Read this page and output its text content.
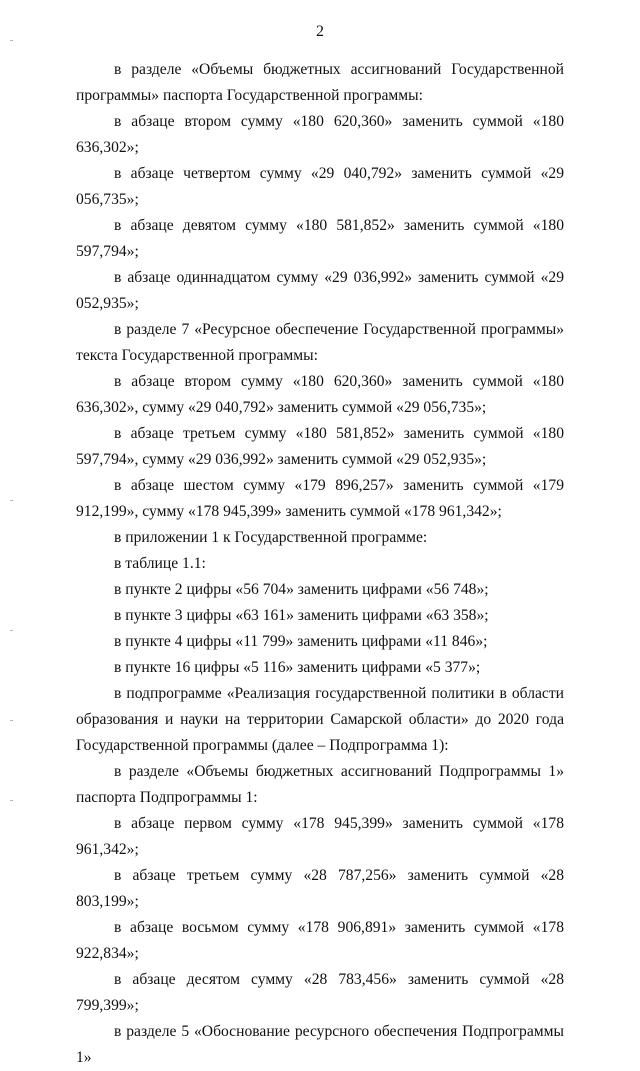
2

в разделе «Объемы бюджетных ассигнований Государственной программы» паспорта Государственной программы:

в абзаце втором сумму «180 620,360» заменить суммой «180 636,302»;

в абзаце четвертом сумму «29 040,792» заменить суммой «29 056,735»;

в абзаце девятом сумму «180 581,852» заменить суммой «180 597,794»;

в абзаце одиннадцатом сумму «29 036,992» заменить суммой «29 052,935»;

в разделе 7 «Ресурсное обеспечение Государственной программы» текста Государственной программы:

в абзаце втором сумму «180 620,360» заменить суммой «180 636,302», сумму «29 040,792» заменить суммой «29 056,735»;

в абзаце третьем сумму «180 581,852» заменить суммой «180 597,794», сумму «29 036,992» заменить суммой «29 052,935»;

в абзаце шестом сумму «179 896,257» заменить суммой «179 912,199», сумму «178 945,399» заменить суммой «178 961,342»;

в приложении 1 к Государственной программе:

в таблице 1.1:

в пункте 2 цифры «56 704» заменить цифрами «56 748»;

в пункте 3 цифры «63 161» заменить цифрами «63 358»;

в пункте 4 цифры «11 799» заменить цифрами «11 846»;

в пункте 16 цифры «5 116» заменить цифрами «5 377»;

в подпрограмме «Реализация государственной политики в области образования и науки на территории Самарской области» до 2020 года Государственной программы (далее – Подпрограмма 1):

в разделе «Объемы бюджетных ассигнований Подпрограммы 1» паспорта Подпрограммы 1:

в абзаце первом сумму «178 945,399» заменить суммой «178 961,342»;

в абзаце третьем сумму «28 787,256» заменить суммой «28 803,199»;

в абзаце восьмом сумму «178 906,891» заменить суммой «178 922,834»;

в абзаце десятом сумму «28 783,456» заменить суммой «28 799,399»;

в разделе 5 «Обоснование ресурсного обеспечения Подпрограммы 1»
